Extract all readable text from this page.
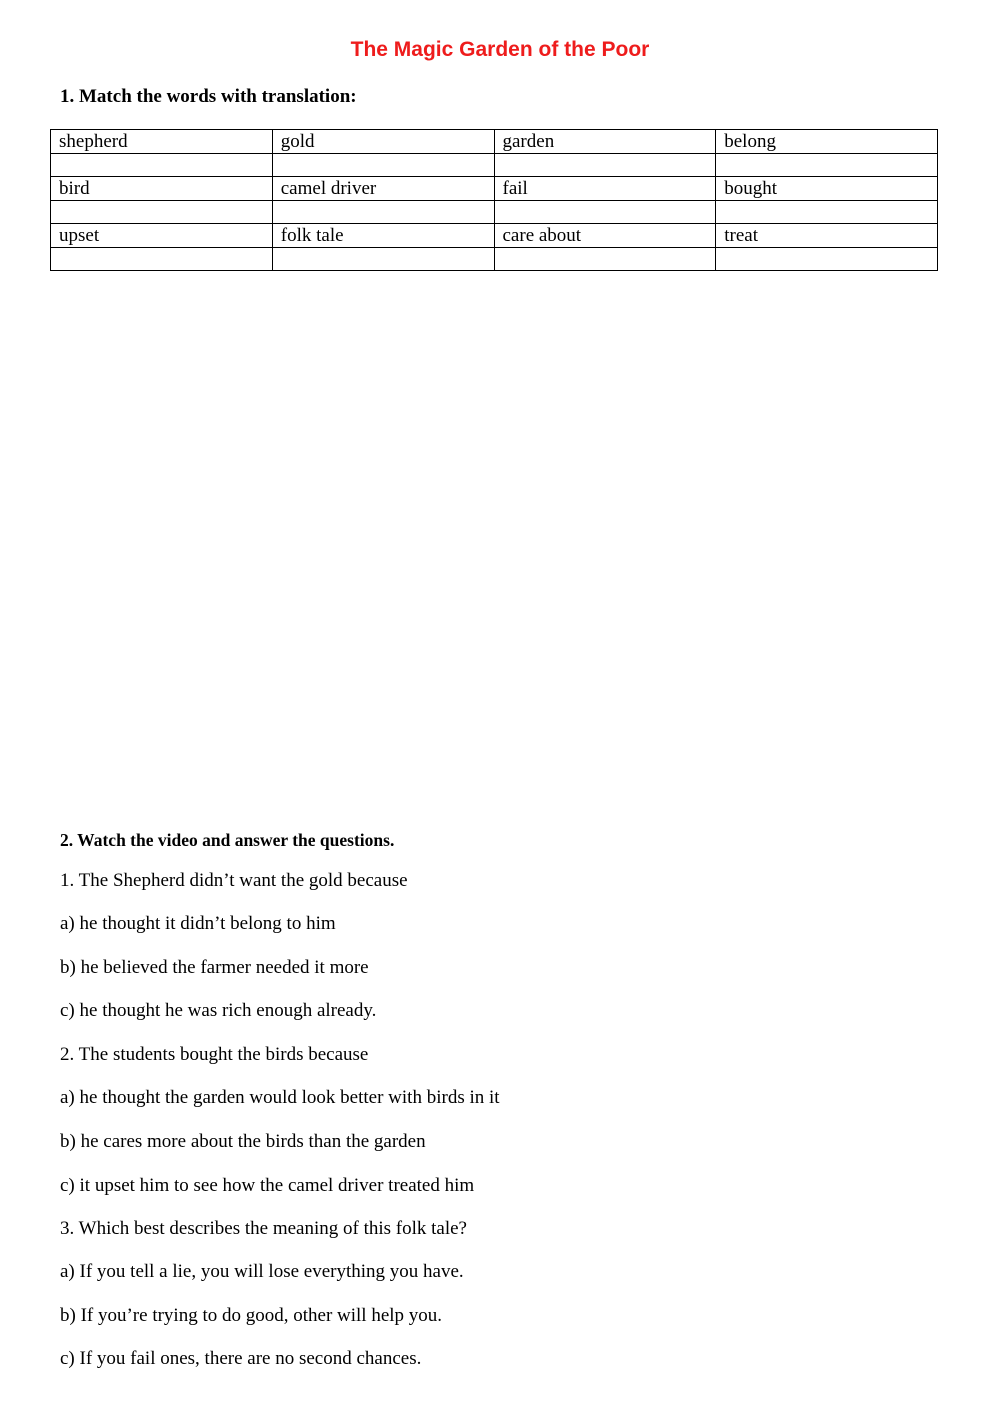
The Magic Garden of the Poor
1. Match the words with translation:
shepherd	gold	garden	belong

bird	camel driver	fail	bought

upset	folk tale	care about	treat

2. Watch the video and answer the questions.
1. The Shepherd didn’t want the gold because
a) he thought it didn’t belong to him
b) he believed the farmer needed it more
c) he thought he was rich enough already.
2. The students bought the birds because
a) he thought the garden would look better with birds in it
b) he cares more about the birds than the garden
c) it upset him to see how the camel driver treated him
3. Which best describes the meaning of this folk tale?
a) If you tell a lie, you will lose everything you have.
b) If you’re trying to do good, other will help you.
c) If you fail ones, there are no second chances.
